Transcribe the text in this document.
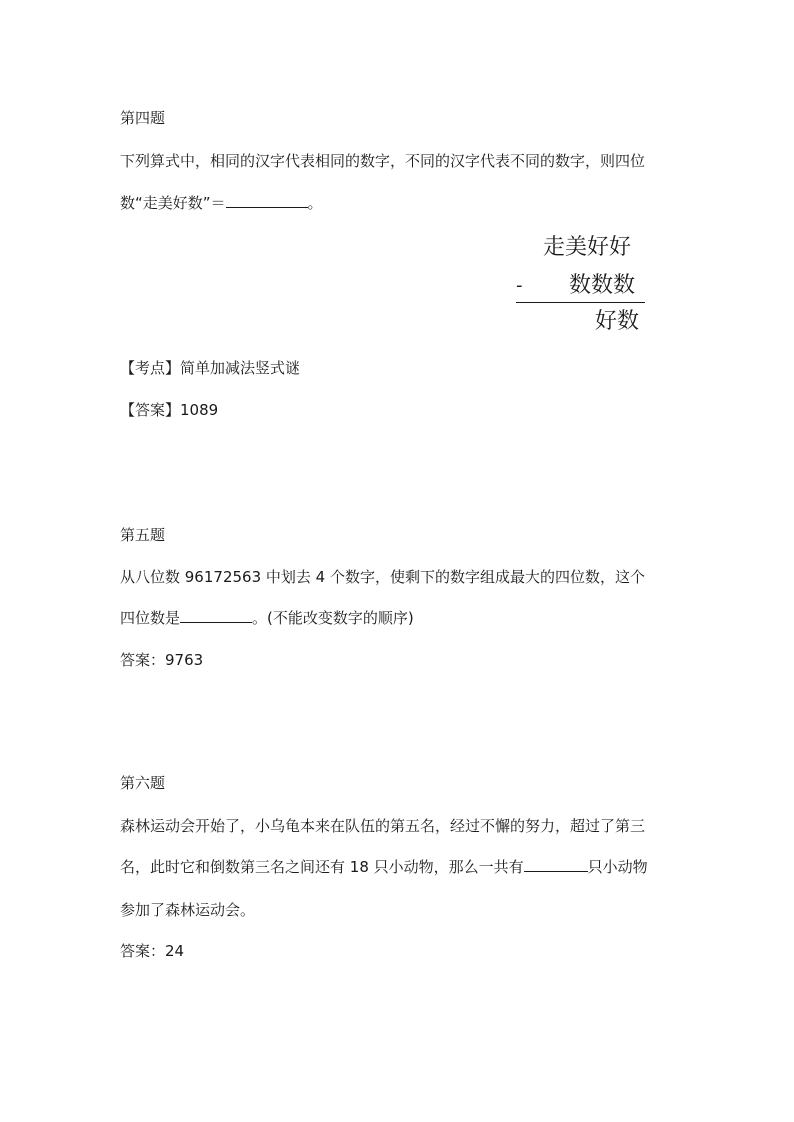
第四题
下列算式中，相同的汉字代表相同的数字，不同的汉字代表不同的数字，则四位
数“走美好数”＝	。
走美好好
- 数数数
好数
【考点】简单加减法竖式谜
【答案】1089
第五题
从八位数 96172563 中划去 4 个数字，使剩下的数字组成最大的四位数，这个
四位数是	。(不能改变数字的顺序)
答案：9763
第六题
森林运动会开始了，小乌龟本来在队伍的第五名，经过不懈的努力，超过了第三
名，此时它和倒数第三名之间还有 18 只小动物，那么一共有	只小动物
参加了森林运动会。
答案：24
